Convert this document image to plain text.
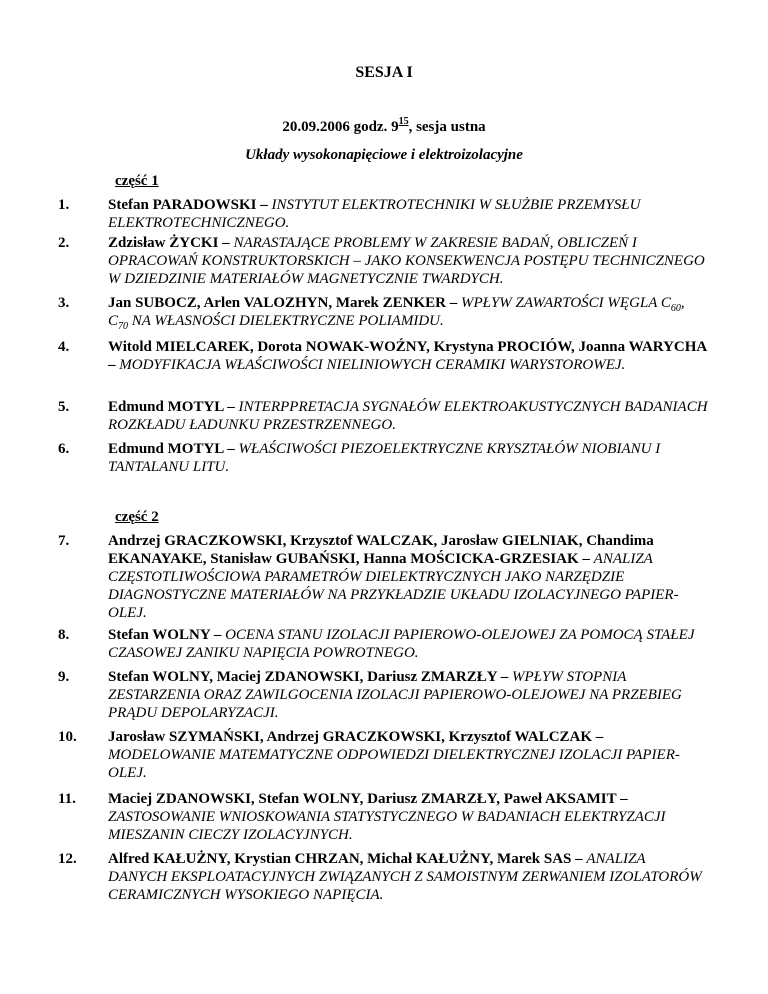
SESJA I
20.09.2006 godz. $9^{15}$, sesja ustna
Układy wysokonapięciowe i elektroizolacyjne
część 1
1.	Stefan PARADOWSKI – INSTYTUT ELEKTROTECHNIKI W SŁUŻBIE PRZEMYSŁU ELEKTROTECHNICZNEGO.
2.	Zdzisław ŻYCKI – NARASTAJĄCE PROBLEMY W ZAKRESIE BADAŃ, OBLICZEŃ I OPRACOWAŃ KONSTRUKTORSKICH – JAKO KONSEKWENCJA POSTĘPU TECHNICZNEGO W DZIEDZINIE MATERIAŁÓW MAGNETYCZNIE TWARDYCH.
3.	Jan SUBOCZ, Arlen VALOZHYN, Marek ZENKER – WPŁYW ZAWARTOŚCI WĘGLA $C_{60}$, $C_{70}$ NA WŁASNOŚCI DIELEKTRYCZNE POLIAMIDU.
4.	Witold MIELCAREK, Dorota NOWAK-WOŹNY, Krystyna PROCIÓW, Joanna WARYCHA – MODYFIKACJA WŁAŚCIWOŚCI NIELINIOWYCH CERAMIKI WARYSTOROWEJ.
5.	Edmund MOTYL – INTERPPRETACJA SYGNAŁÓW ELEKTROAKUSTYCZNYCH BADANIACH ROZKŁADU ŁADUNKU PRZESTRZENNEGO.
6.	Edmund MOTYL – WŁAŚCIWOŚCI PIEZOELEKTRYCZNE KRYSZTAŁÓW NIOBIANU I TANTALANU LITU.
część 2
7.	Andrzej GRACZKOWSKI, Krzysztof WALCZAK, Jarosław GIELNIAK, Chandima EKANAYAKE, Stanisław GUBAŃSKI, Hanna MOŚCICKA-GRZESIAK – ANALIZA CZĘSTOTLIWOŚCIOWA PARAMETRÓW DIELEKTRYCZNYCH JAKO NARZĘDZIE DIAGNOSTYCZNE MATERIAŁÓW NA PRZYKŁADZIE UKŁADU IZOLACYJNEGO PAPIER-OLEJ.
8.	Stefan WOLNY – OCENA STANU IZOLACJI PAPIEROWO-OLEJOWEJ ZA POMOCĄ STAŁEJ CZASOWEJ ZANIKU NAPIĘCIA POWROTNEGO.
9.	Stefan WOLNY, Maciej ZDANOWSKI, Dariusz ZMARZŁY – WPŁYW STOPNIA ZESTARZENIA ORAZ ZAWILGOCENIA IZOLACJI PAPIEROWO-OLEJOWEJ NA PRZEBIEG PRĄDU DEPOLARYZACJI.
10. Jarosław SZYMAŃSKI, Andrzej GRACZKOWSKI, Krzysztof WALCZAK – MODELOWANIE MATEMATYCZNE ODPOWIEDZI DIELEKTRYCZNEJ IZOLACJI PAPIER-OLEJ.
11. Maciej ZDANOWSKI, Stefan WOLNY, Dariusz ZMARZŁY, Paweł AKSAMIT – ZASTOSOWANIE WNIOSKOWANIA STATYSTYCZNEGO W BADANIACH ELEKTRYZACJI MIESZANIN CIECZY IZOLACYJNYCH.
12. Alfred KAŁUŻNY, Krystian CHRZAN, Michał KAŁUŻNY, Marek SAS – ANALIZA DANYCH EKSPLOATACYJNYCH ZWIĄZANYCH Z SAMOISTNYM ZERWANIEM IZOLATORÓW CERAMICZNYCH WYSOKIEGO NAPIĘCIA.
